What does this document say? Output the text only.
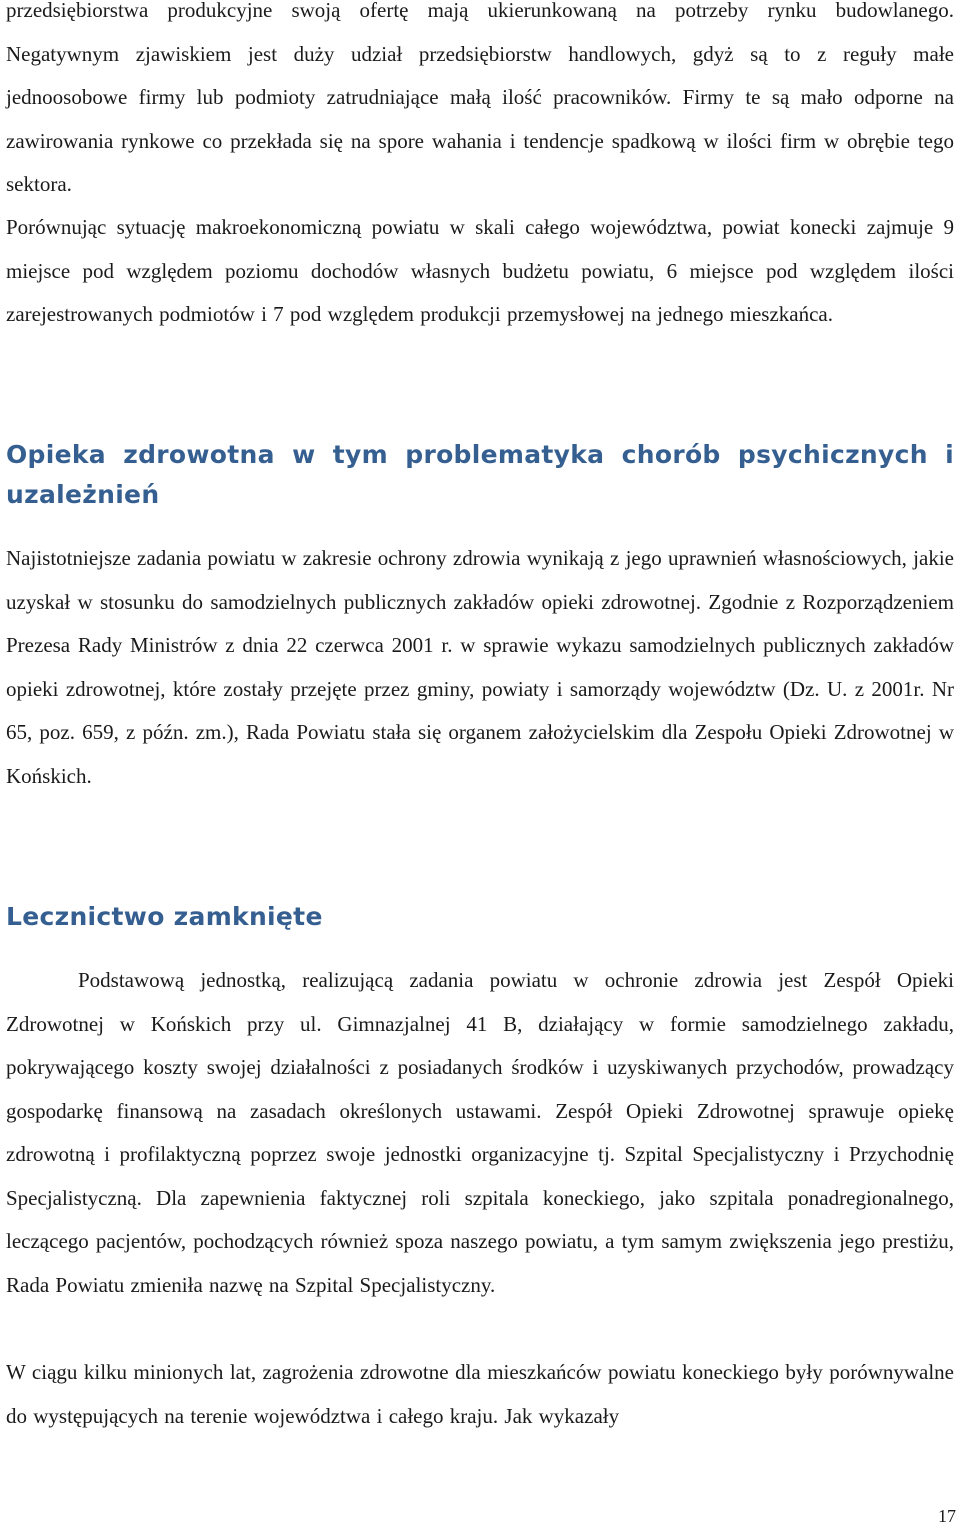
przedsiębiorstwa produkcyjne swoją ofertę mają ukierunkowaną na potrzeby rynku budowlanego. Negatywnym zjawiskiem jest duży udział przedsiębiorstw handlowych, gdyż są to z reguły małe jednoosobowe firmy lub podmioty zatrudniające małą ilość pracowników. Firmy te są mało odporne na zawirowania rynkowe co przekłada się na spore wahania i tendencje spadkową w ilości firm w obrębie tego sektora.

Porównując sytuację makroekonomiczną powiatu w skali całego województwa, powiat konecki zajmuje 9 miejsce pod względem poziomu dochodów własnych budżetu powiatu, 6 miejsce pod względem ilości zarejestrowanych podmiotów i 7 pod względem produkcji przemysłowej na jednego mieszkańca.

Opieka zdrowotna w tym problematyka chorób psychicznych i uzależnień

Najistotniejsze zadania powiatu w zakresie ochrony zdrowia wynikają z jego uprawnień własnościowych, jakie uzyskał w stosunku do samodzielnych publicznych zakładów opieki zdrowotnej. Zgodnie z Rozporządzeniem Prezesa Rady Ministrów z dnia 22 czerwca 2001 r. w sprawie wykazu samodzielnych publicznych zakładów opieki zdrowotnej, które zostały przejęte przez gminy, powiaty i samorządy województw (Dz. U. z 2001r. Nr 65, poz. 659, z późn. zm.), Rada Powiatu stała się organem założycielskim dla Zespołu Opieki Zdrowotnej w Końskich.

Lecznictwo zamknięte

Podstawową jednostką, realizującą zadania powiatu w ochronie zdrowia jest Zespół Opieki Zdrowotnej w Końskich przy ul. Gimnazjalnej 41 B, działający w formie samodzielnego zakładu, pokrywającego koszty swojej działalności z posiadanych środków i uzyskiwanych przychodów, prowadzący gospodarkę finansową na zasadach określonych ustawami. Zespół Opieki Zdrowotnej sprawuje opiekę zdrowotną i profilaktyczną poprzez swoje jednostki organizacyjne tj. Szpital Specjalistyczny i Przychodnię Specjalistyczną. Dla zapewnienia faktycznej roli szpitala koneckiego, jako szpitala ponadregionalnego, leczącego pacjentów, pochodzących również spoza naszego powiatu, a tym samym zwiększenia jego prestiżu, Rada Powiatu zmieniła nazwę na Szpital Specjalistyczny.

W ciągu kilku minionych lat, zagrożenia zdrowotne dla mieszkańców powiatu koneckiego były porównywalne do występujących na terenie województwa i całego kraju. Jak wykazały

17
